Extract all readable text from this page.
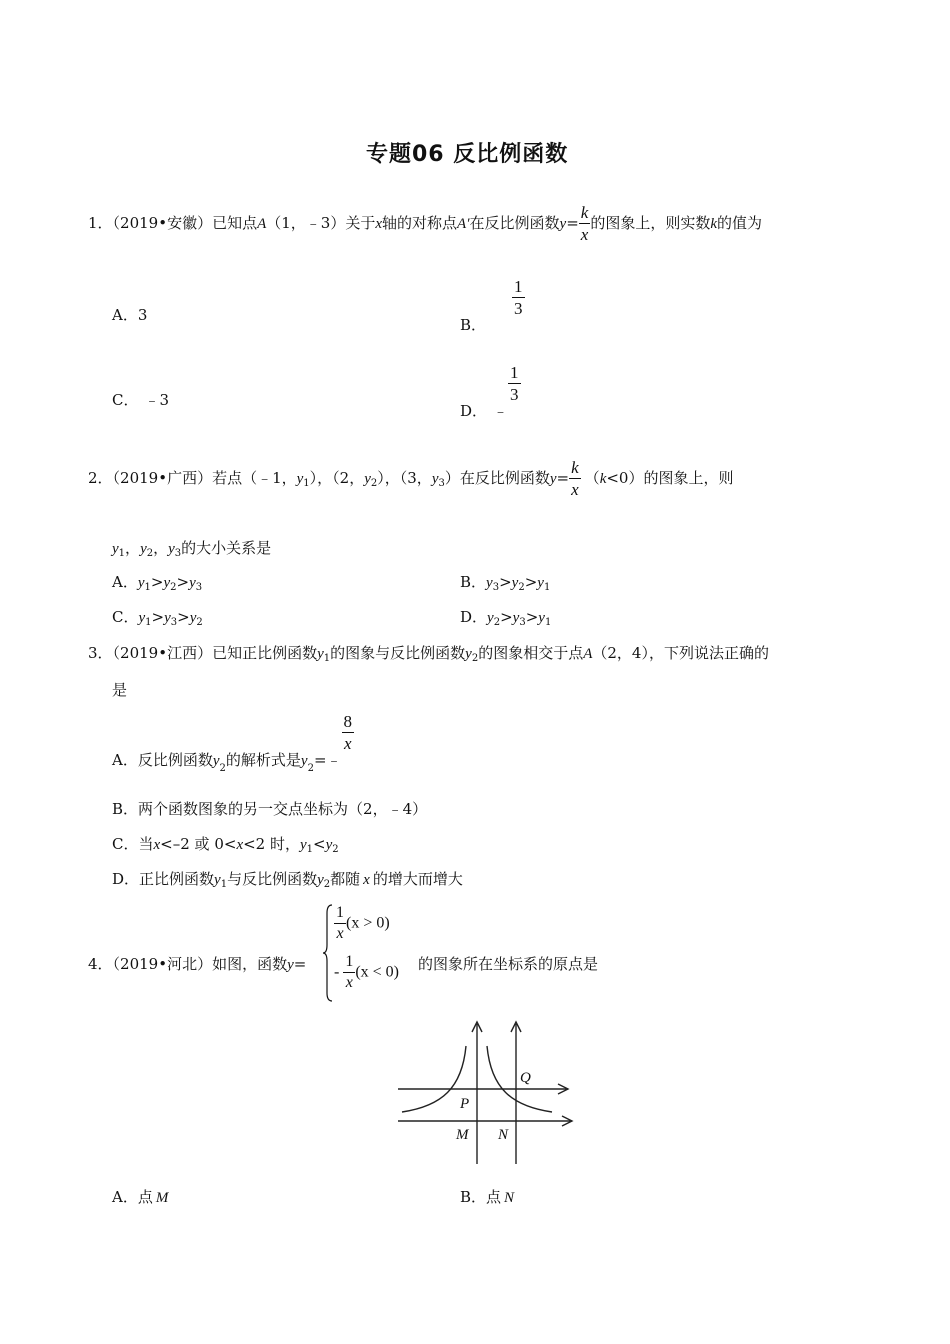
专题06 反比例函数
1．（2019•安徽）已知点A（1，﹣3）关于x轴的对称点A′在反比例函数$y= \frac{k}{x}$ 的图象上，则实数k的值为
A．3
B．
$\frac{1}{3}$
C． ﹣3
D． ﹣
$\frac{1}{3}$
2．（2019•广西）若点（﹣1，$y_1$），（2，$y_2$），（3，$y_3$）在反比例函数$y= \frac{k}{x} (k<0)$的图象上，则
$y_1$，$y_2$，$y_3$的大小关系是
A．$y_1>y_2>y_3$	B．$y_3>y_2>y_1$
C．$y_1>y_3>y_2$	D．$y_2>y_3>y_1$
3．（2019•江西）已知正比例函数$y_1$的图象与反比例函数$y_2$的图象相交于点A（2，4），下列说法正确的
是
A．反比例函数$y_2$的解析式是$y_2=﹣$
$\frac{8}{x}$
B．两个函数图象的另一交点坐标为（2，﹣4）
C．当x<–2 或 0<x<2 时，$y_1<y_2$
D．正比例函数$y_1$与反比例函数$y_2$都随 x 的增大而增大
4．（2019•河北）如图，函数y=
$\frac{1}{x} (x > 0)$
- $\frac{1}{x} (x < 0)$ 的图象所在坐标系的原点是
Q
P
M N
A．点 M	B．点 N
